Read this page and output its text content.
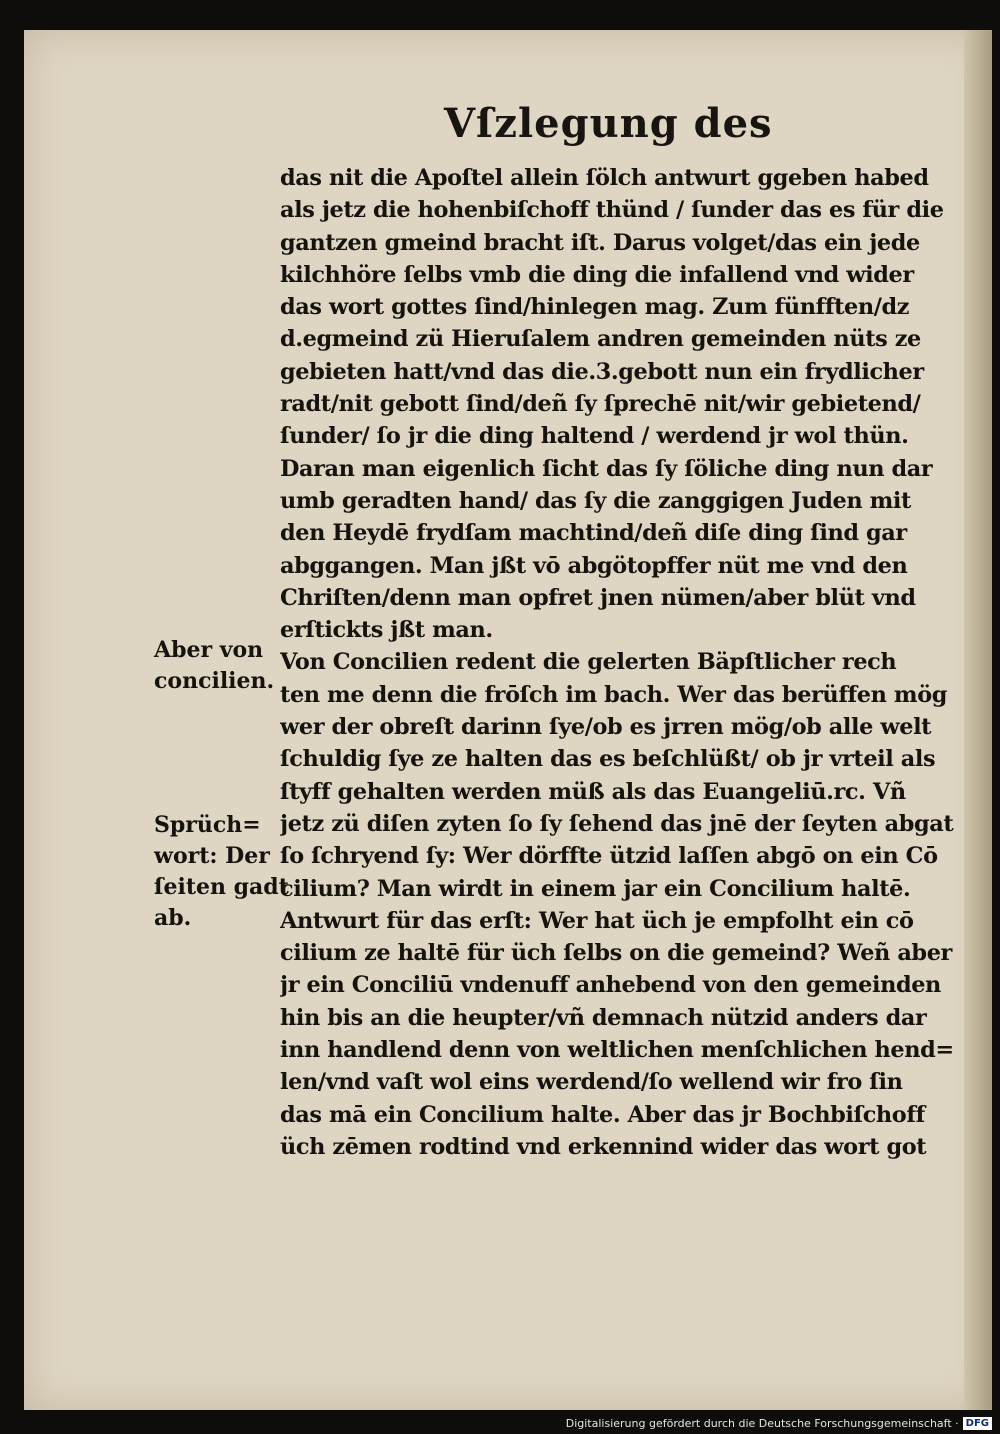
Vſzlegung des
das nit die Apoſtel allein ſölch antwurt ggeben habed
als jetz die hohenbiſchoff thünd / ſunder das es für die
gantzen gmeind bracht iſt. Darus volget/das ein jede
kilchhöre ſelbs vmb die ding die infallend vnd wider
das wort gottes ſind/hinlegen mag. Zum fünfften/dz
d.egmeind zü Hieruſalem andren gemeinden nüts ze
gebieten hatt/vnd das die.3.gebott nun ein frydlicher
radt/nit gebott ſind/deñ ſy ſprechē nit/wir gebietend/
ſunder/ ſo jr die ding haltend / werdend jr wol thün.
Daran man eigenlich ſicht das ſy ſöliche ding nun dar
umb geradten hand/ das ſy die zanggigen Juden mit
den Heydē frydſam machtind/deñ diſe ding ſind gar
abggangen. Man jßt vō abgötopffer nüt me vnd den
Chriſten/denn man opfret jnen nümen/aber blüt vnd
erſtickts jßt man.
Von Concilien redent die gelerten Bäpſtlicher rech
ten me denn die frōſch im bach. Wer das berüffen mög
wer der obreſt darinn ſye/ob es jrren mög/ob alle welt
ſchuldig ſye ze halten das es beſchlüßt/ ob jr vrteil als
ſtyff gehalten werden müß als das Euangeliū.rc. Vñ
jetz zü diſen zyten ſo ſy ſehend das jnē der ſeyten abgat
ſo ſchryend ſy: Wer dörffte ützid laſſen abgō on ein Cō
cilium? Man wirdt in einem jar ein Concilium haltē.
Antwurt für das erſt: Wer hat üch je empfolht ein cō
cilium ze haltē für üch ſelbs on die gemeind? Weñ aber
jr ein Conciliū vndenuff anhebend von den gemeinden
hin bis an die heupter/vñ demnach nützid anders dar
inn handlend denn von weltlichen menſchlichen hend=
len/vnd vaſt wol eins werdend/ſo wellend wir fro ſin
das mā ein Concilium halte. Aber das jr Bochbiſchoff
üch zēmen rodtind vnd erkennind wider das wort got
Aber von
concilien.
Sprüch=
wort: Der
ſeiten gadt
ab.
Digitalisierung gefördert durch die Deutsche Forschungsgemeinschaft · DFG
